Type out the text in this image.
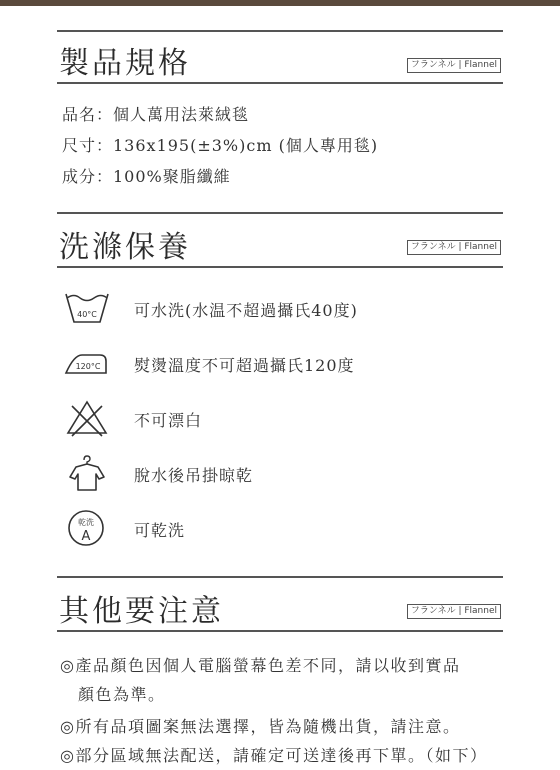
製品規格	フランネル | Flannel
品名：個人萬用法萊絨毯
尺寸：136x195(±3%)cm (個人專用毯)
成分：100%聚脂纖維
洗滌保養	フランネル | Flannel
40°C 可水洗(水温不超過攝氏40度)
120°C 熨燙溫度不可超過攝氏120度
不可漂白
脫水後吊掛晾乾
乾洗
A	可乾洗
其他要注意	フランネル | Flannel
◎產品顏色因個人電腦螢幕色差不同，請以收到實品
顏色為準。
◎所有品項圖案無法選擇，皆為隨機出貨，請注意。
◎部分區域無法配送，請確定可送達後再下單。（如下）
